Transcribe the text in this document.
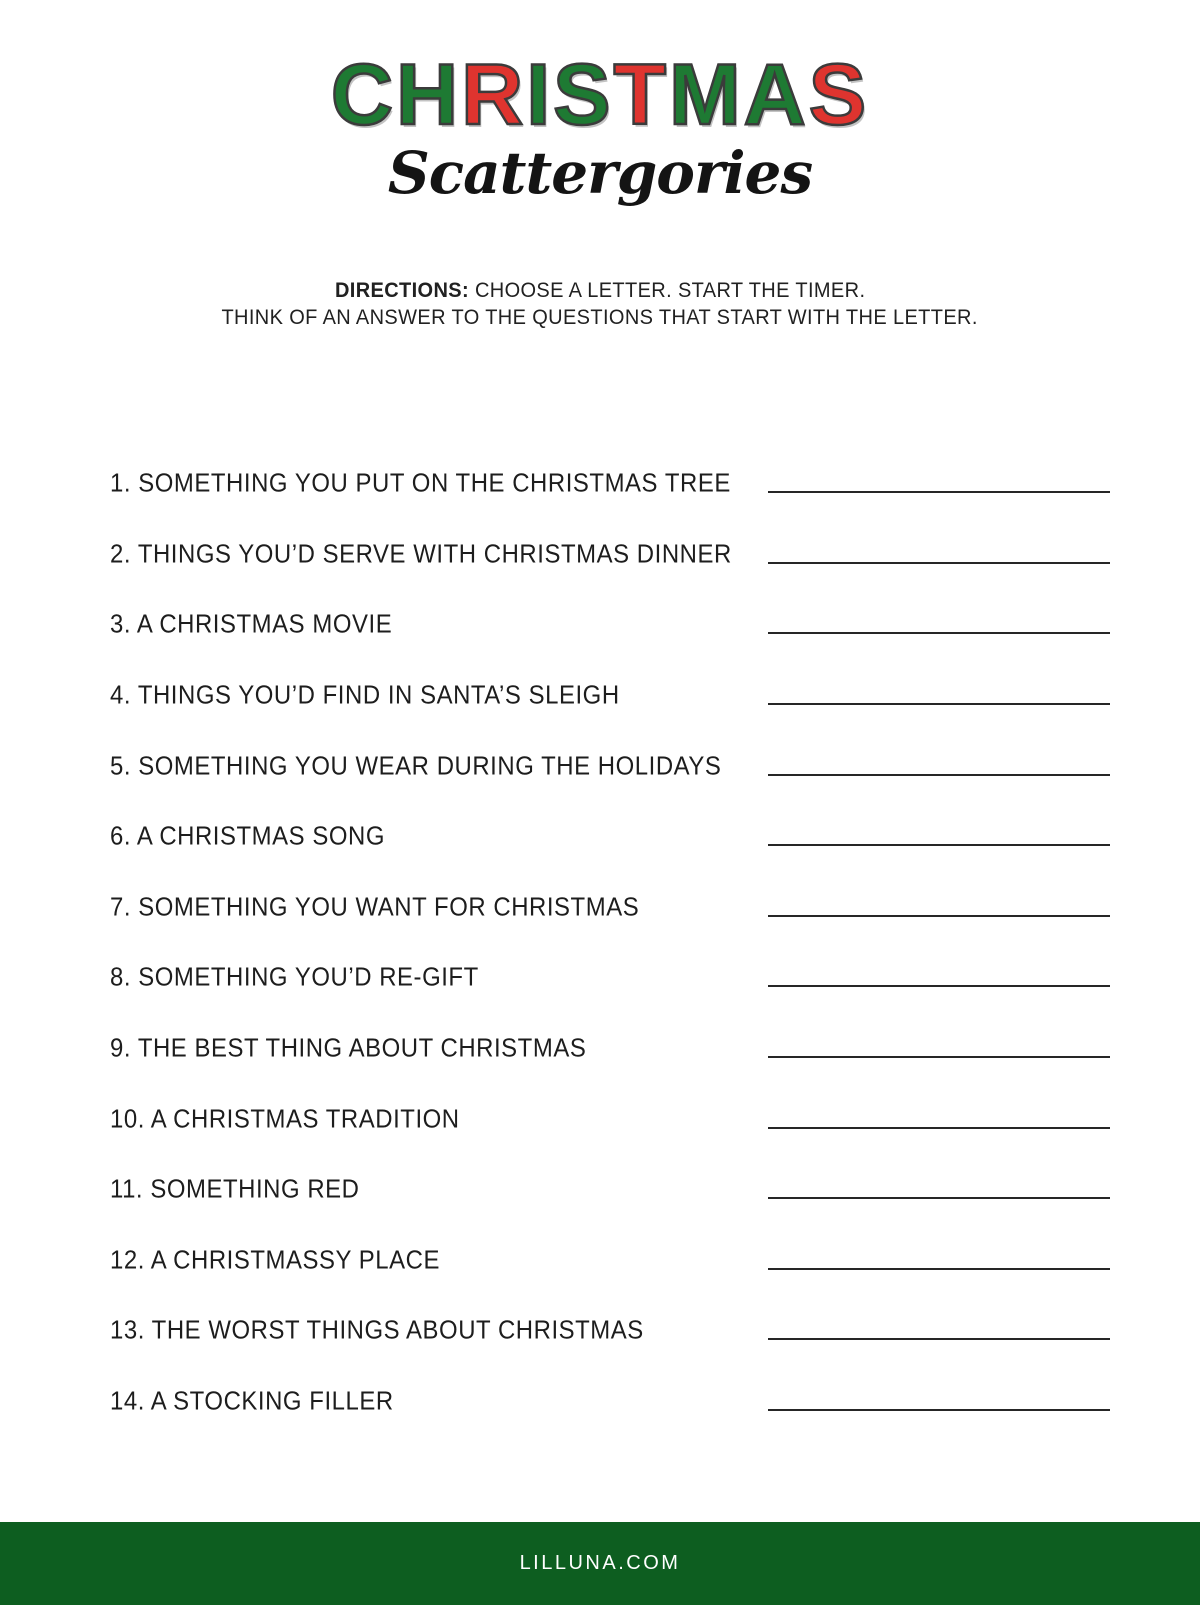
CHRISTMAS
Scattergories
DIRECTIONS: CHOOSE A LETTER. START THE TIMER.
THINK OF AN ANSWER TO THE QUESTIONS THAT START WITH THE LETTER.
1. SOMETHING YOU PUT ON THE CHRISTMAS TREE
2. THINGS YOU’D SERVE WITH CHRISTMAS DINNER
3. A CHRISTMAS MOVIE
4. THINGS YOU’D FIND IN SANTA’S SLEIGH
5. SOMETHING YOU WEAR DURING THE HOLIDAYS
6. A CHRISTMAS SONG
7. SOMETHING YOU WANT FOR CHRISTMAS
8. SOMETHING YOU’D RE-GIFT
9. THE BEST THING ABOUT CHRISTMAS
10. A CHRISTMAS TRADITION
11. SOMETHING RED
12. A CHRISTMASSY PLACE
13. THE WORST THINGS ABOUT CHRISTMAS
14. A STOCKING FILLER
LILLUNA.COM
